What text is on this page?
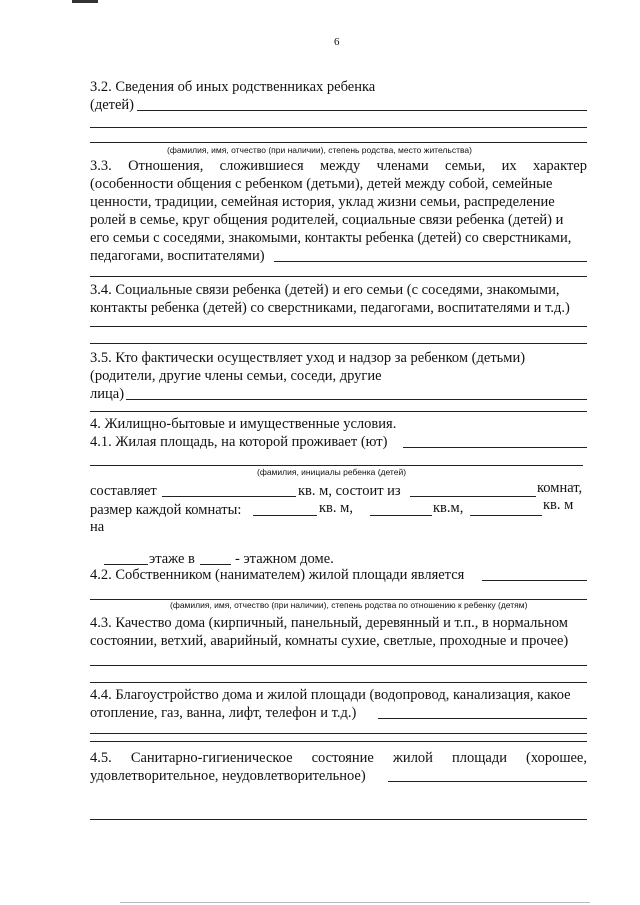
6
3.2. Сведения об иных родственниках ребенка
(детей)
(фамилия, имя, отчество (при наличии), степень родства, место жительства)
3.3. Отношения, сложившиеся между членами семьи, их характер
(особенности общения с ребенком (детьми), детей между собой, семейные
ценности, традиции, семейная история, уклад жизни семьи, распределение
ролей в семье, круг общения родителей, социальные связи ребенка (детей) и
его семьи с соседями, знакомыми, контакты ребенка (детей) со сверстниками,
педагогами, воспитателями)
3.4. Социальные связи ребенка (детей) и его семьи (с соседями, знакомыми,
контакты ребенка (детей) со сверстниками, педагогами, воспитателями и т.д.)
3.5. Кто фактически осуществляет уход и надзор за ребенком (детьми)
(родители, другие члены семьи, соседи, другие
лица)
4. Жилищно-бытовые и имущественные условия.
4.1. Жилая площадь, на которой проживает (ют)
(фамилия, инициалы ребенка (детей)
составляет	кв. м, состоит из	комнат,
размер каждой комнаты:	кв. м,	кв.м,	кв. м
на
этаже в	- этажном доме.
4.2. Собственником (нанимателем) жилой площади является
(фамилия, имя, отчество (при наличии), степень родства по отношению к ребенку (детям)
4.3. Качество дома (кирпичный, панельный, деревянный и т.п., в нормальном
состоянии, ветхий, аварийный, комнаты сухие, светлые, проходные и прочее)
4.4. Благоустройство дома и жилой площади (водопровод, канализация, какое
отопление, газ, ванна, лифт, телефон и т.д.)
4.5. Санитарно-гигиеническое состояние жилой площади (хорошее,
удовлетворительное, неудовлетворительное)
